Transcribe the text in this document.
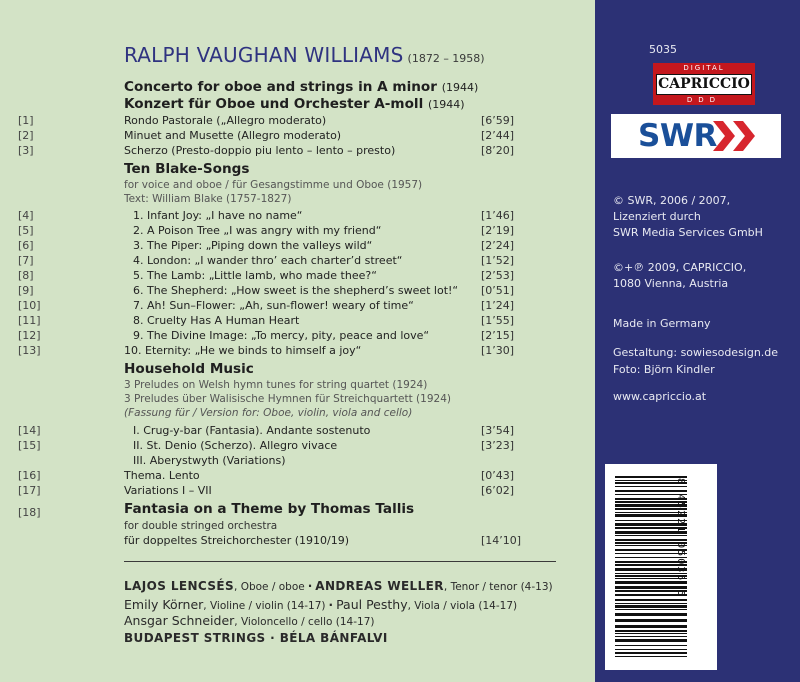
RALPH VAUGHAN WILLIAMS (1872 – 1958)
Concerto for oboe and strings in A minor (1944)
Konzert für Oboe und Orchester A-moll (1944)
[1]	Rondo Pastorale („Allegro moderato)	[6’59]
[2]	Minuet and Musette (Allegro moderato)	[2’44]
[3]	Scherzo (Presto-doppio piu lento – lento – presto)	[8’20]
Ten Blake-Songs
for voice and oboe / für Gesangstimme und Oboe (1957)
Text: William Blake (1757-1827)
[4]	1. Infant Joy: „I have no name“	[1’46]
[5]	2. A Poison Tree „I was angry with my friend“	[2’19]
[6]	3. The Piper: „Piping down the valleys wild“	[2’24]
[7]	4. London: „I wander thro’ each charter’d street“	[1’52]
[8]	5. The Lamb: „Little lamb, who made thee?“	[2’53]
[9]	6. The Shepherd: „How sweet is the shepherd’s sweet lot!“ [0’51]
[10]	7. Ah! Sun–Flower: „Ah, sun-flower! weary of time“	[1’24]
[11]	8. Cruelty Has A Human Heart	[1’55]
[12]	9. The Divine Image: „To mercy, pity, peace and love“	[2’15]
[13]	10. Eternity: „He we binds to himself a joy“	[1’30]
Household Music
3 Preludes on Welsh hymn tunes for string quartet (1924)
3 Preludes über Walisische Hymnen für Streichquartett (1924)
(Fassung für / Version for: Oboe, violin, viola and cello)
[14]	I. Crug-y-bar (Fantasia). Andante sostenuto	[3’54]
[15]	II. St. Denio (Scherzo). Allegro vivace	[3’23]
III. Aberystwyth (Variations)
[16]	Thema. Lento	[0’43]
[17]	Variations I – VII	[6’02]
[18]	Fantasia on a Theme by Thomas Tallis
for double stringed orchestra
für doppeltes Streichorchester (1910/19)	[14’10]
LAJOS LENCSÉS, Oboe / oboe · ANDREAS WELLER, Tenor / tenor (4-13)
Emily Körner, Violine / violin (14-17) · Paul Pesthy, Viola / viola (14-17)
Ansgar Schneider, Violoncello / cello (14-17)
BUDAPEST STRINGS · BÉLA BÁNFALVI
5035
DIGITAL
CAPRICCIO
DDD
SWR
© SWR, 2006 / 2007,
Lizenziert durch
SWR Media Services GmbH
©+℗ 2009, CAPRICCIO,
1080 Vienna, Austria
Made in Germany
Gestaltung: sowiesodesign.de
Foto: Björn Kindler
www.capriccio.at
8 45221 05035 5
